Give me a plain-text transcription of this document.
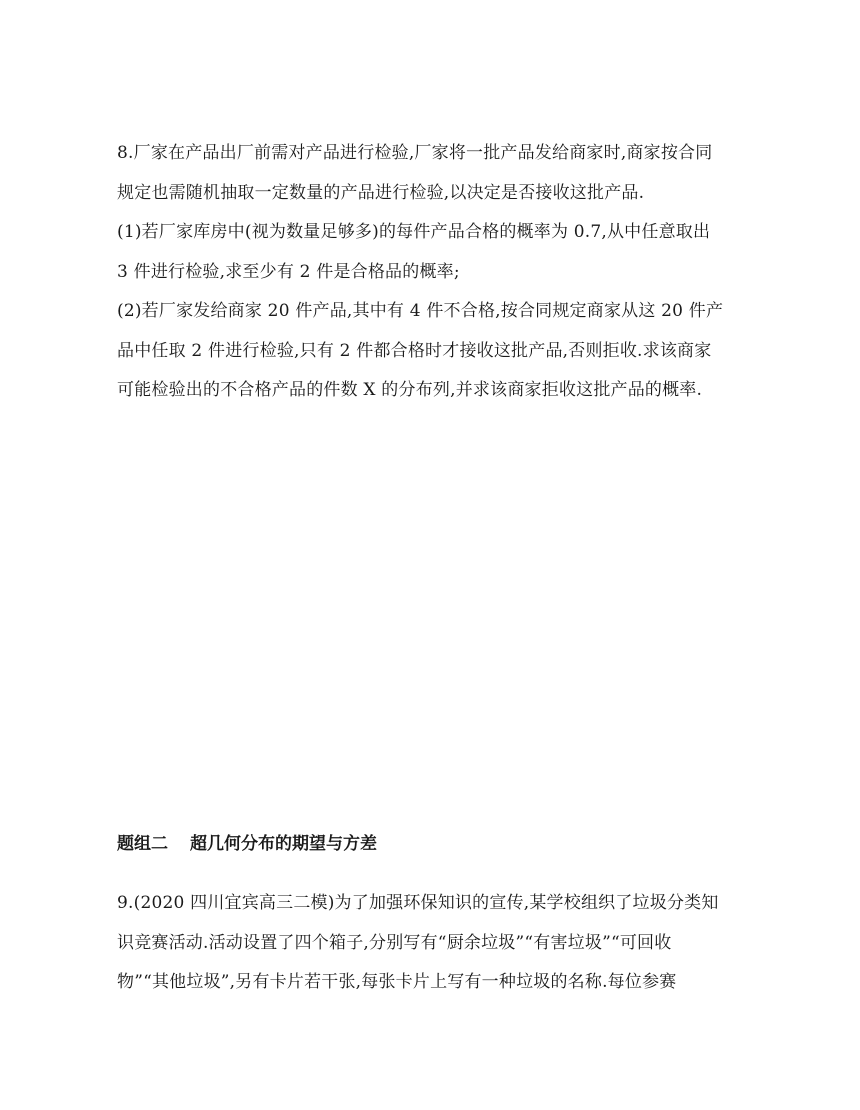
8.厂家在产品出厂前需对产品进行检验,厂家将一批产品发给商家时,商家按合同
规定也需随机抽取一定数量的产品进行检验,以决定是否接收这批产品.
(1)若厂家库房中(视为数量足够多)的每件产品合格的概率为 0.7,从中任意取出
3 件进行检验,求至少有 2 件是合格品的概率;
(2)若厂家发给商家 20 件产品,其中有 4 件不合格,按合同规定商家从这 20 件产
品中任取 2 件进行检验,只有 2 件都合格时才接收这批产品,否则拒收.求该商家
可能检验出的不合格产品的件数 X 的分布列,并求该商家拒收这批产品的概率.
题组二 超几何分布的期望与方差
9.(2020 四川宜宾高三二模)为了加强环保知识的宣传,某学校组织了垃圾分类知
识竞赛活动.活动设置了四个箱子,分别写有“厨余垃圾”“有害垃圾”“可回收
物”“其他垃圾”,另有卡片若干张,每张卡片上写有一种垃圾的名称.每位参赛
